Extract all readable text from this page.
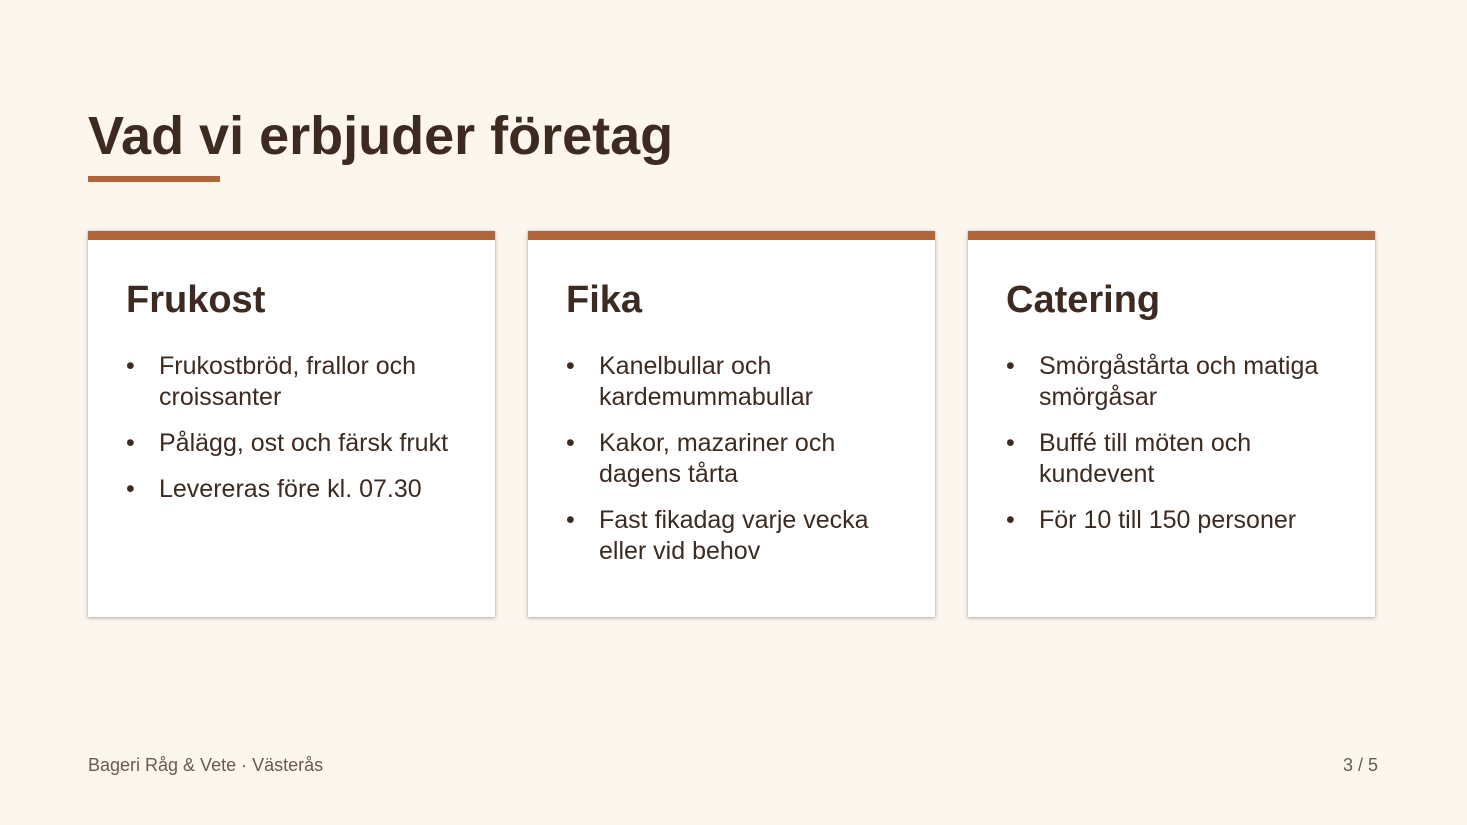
Vad vi erbjuder företag
Frukost
• Frukostbröd, frallor och croissanter
• Pålägg, ost och färsk frukt
• Levereras före kl. 07.30
Fika
• Kanelbullar och kardemummabullar
• Kakor, mazariner och dagens tårta
• Fast fikadag varje vecka eller vid behov
Catering
• Smörgåstårta och matiga smörgåsar
• Buffé till möten och kundevent
• För 10 till 150 personer
Bageri Råg & Vete · Västerås	3 / 5
